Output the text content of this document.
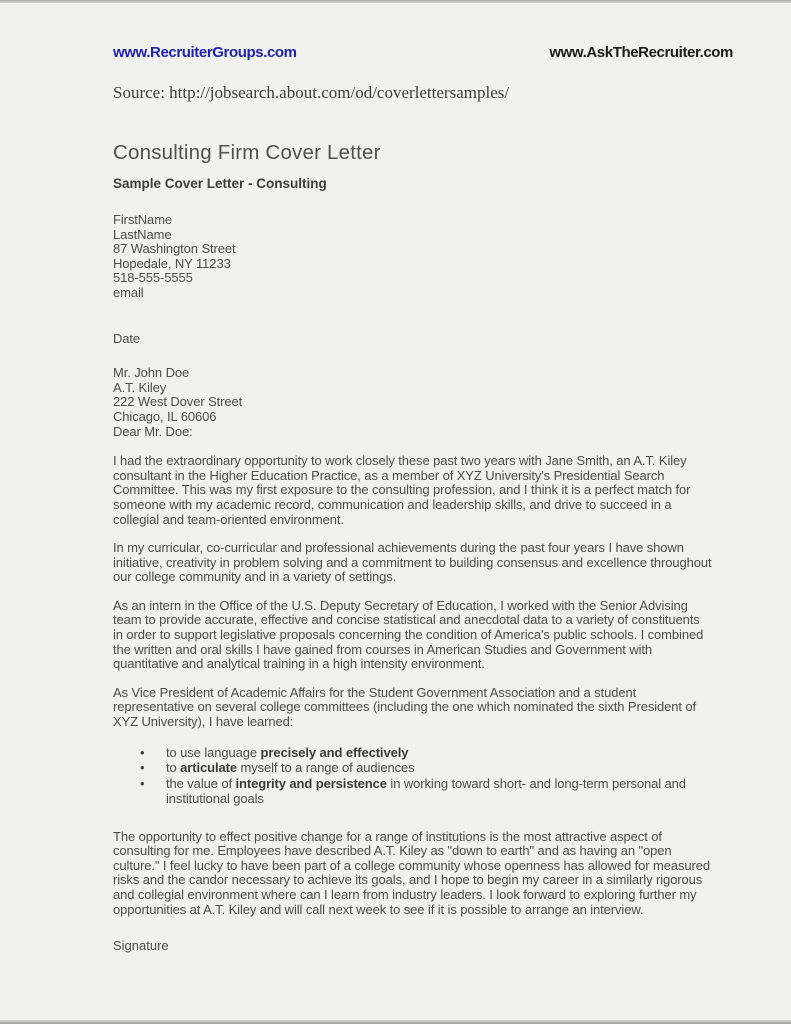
www.RecruiterGroups.com	www.AskTheRecruiter.com
Source: http://jobsearch.about.com/od/coverlettersamples/
Consulting Firm Cover Letter
Sample Cover Letter - Consulting
FirstName
LastName
87 Washington Street
Hopedale, NY 11233
518-555-5555
email
Date
Mr. John Doe
A.T. Kiley
222 West Dover Street
Chicago, IL 60606
Dear Mr. Doe:

I had the extraordinary opportunity to work closely these past two years with Jane Smith, an A.T. Kiley consultant in the Higher Education Practice, as a member of XYZ University's Presidential Search Committee. This was my first exposure to the consulting profession, and I think it is a perfect match for someone with my academic record, communication and leadership skills, and drive to succeed in a collegial and team-oriented environment.

In my curricular, co-curricular and professional achievements during the past four years I have shown initiative, creativity in problem solving and a commitment to building consensus and excellence throughout our college community and in a variety of settings.

As an intern in the Office of the U.S. Deputy Secretary of Education, I worked with the Senior Advising team to provide accurate, effective and concise statistical and anecdotal data to a variety of constituents in order to support legislative proposals concerning the condition of America's public schools. I combined the written and oral skills I have gained from courses in American Studies and Government with quantitative and analytical training in a high intensity environment.

As Vice President of Academic Affairs for the Student Government Association and a student representative on several college committees (including the one which nominated the sixth President of XYZ University), I have learned:

•	to use language precisely and effectively
•	to articulate myself to a range of audiences
•	the value of integrity and persistence in working toward short- and long-term personal and institutional goals

The opportunity to effect positive change for a range of institutions is the most attractive aspect of consulting for me. Employees have described A.T. Kiley as "down to earth" and as having an "open culture." I feel lucky to have been part of a college community whose openness has allowed for measured risks and the candor necessary to achieve its goals, and I hope to begin my career in a similarly rigorous and collegial environment where can I learn from industry leaders. I look forward to exploring further my opportunities at A.T. Kiley and will call next week to see if it is possible to arrange an interview.

Signature
